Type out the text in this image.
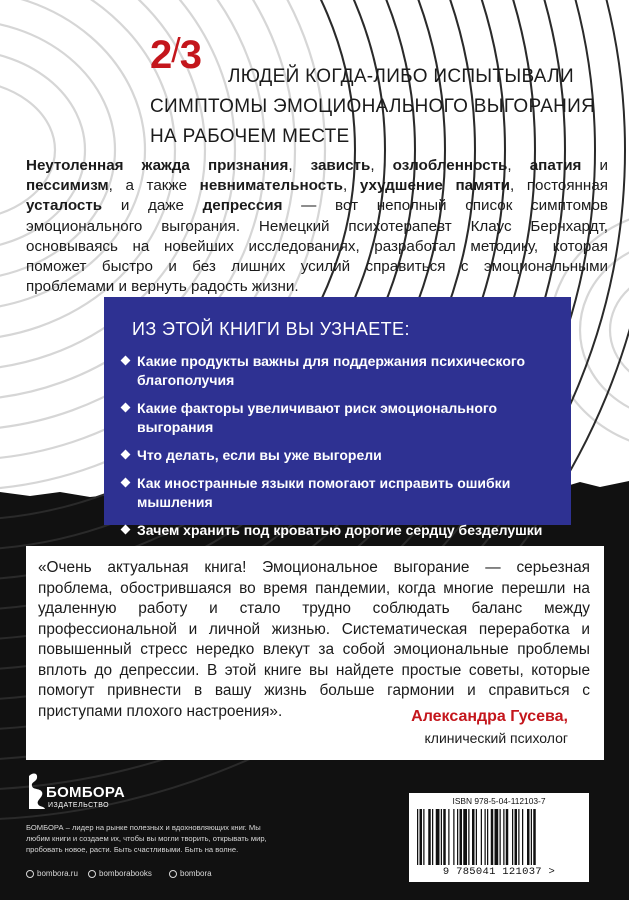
2/3 ЛЮДЕЙ КОГДА-ЛИБО ИСПЫТЫВАЛИ
СИМПТОМЫ ЭМОЦИОНАЛЬНОГО ВЫГОРАНИЯ
НА РАБОЧЕМ МЕСТЕ

Неутоленная жажда признания, зависть, озлобленность, апатия и пессимизм, а также невнимательность, ухудшение памяти, постоянная усталость и даже депрессия — вот неполный список симптомов эмоционального выгорания. Немецкий психотерапевт Клаус Бернхардт, основываясь на новейших исследованиях, разработал методику, которая поможет быстро и без лишних усилий справиться с эмоциональными проблемами и вернуть радость жизни.

ИЗ ЭТОЙ КНИГИ ВЫ УЗНАЕТЕ:
Какие продукты важны для поддержания психического благополучия
Какие факторы увеличивают риск эмоционального выгорания
Что делать, если вы уже выгорели
Как иностранные языки помогают исправить ошибки мышления
Зачем хранить под кроватью дорогие сердцу безделушки

«Очень актуальная книга! Эмоциональное выгорание — серьезная проблема, обострившаяся во время пандемии, когда многие перешли на удаленную работу и стало трудно соблюдать баланс между профессиональной и личной жизнью. Систематическая переработка и повышенный стресс нередко влекут за собой эмоциональные проблемы вплоть до депрессии. В этой книге вы найдете простые советы, которые помогут привнести в вашу жизнь больше гармонии и справиться с приступами плохого настроения».	Александра Гусева,
клинический психолог
БОМБОРА
ИЗДАТЕЛЬСТВО

БОМБОРА – лидер на рынке полезных и вдохновляющих книг. Мы любим книги и создаем их, чтобы вы могли творить, открывать мир, пробовать новое, расти. Быть счастливыми. Быть на волне.

bombora.ru	bomborabooks	bombora
ISBN 978-5-04-112103-7
9 785041 121037 >
